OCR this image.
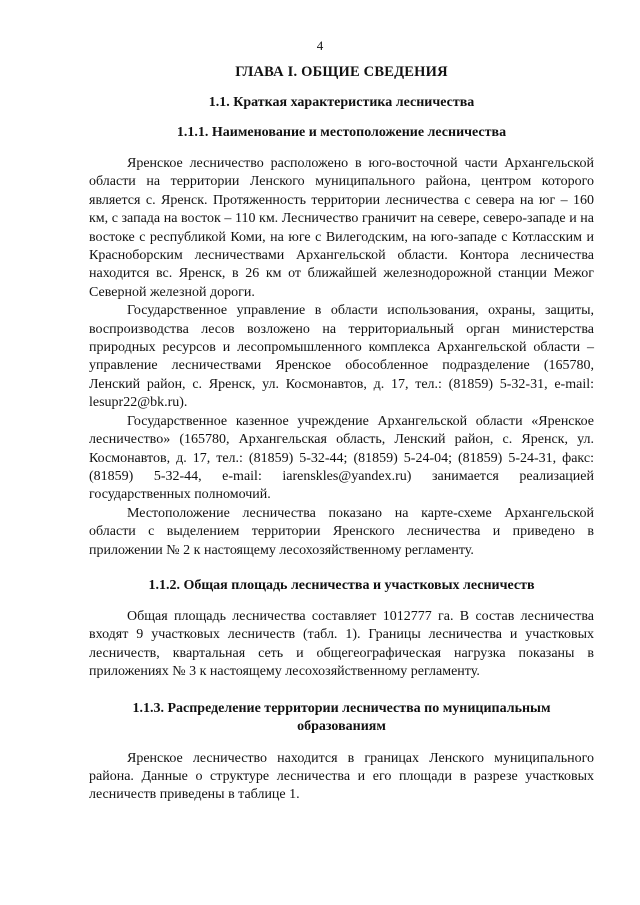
4
ГЛАВА I. ОБЩИЕ СВЕДЕНИЯ
1.1. Краткая характеристика лесничества
1.1.1. Наименование и местоположение лесничества

Яренское лесничество расположено в юго-восточной части Архангельской области на территории Ленского муниципального района, центром которого является с. Яренск. Протяженность территории лесничества с севера на юг – 160 км, с запада на восток – 110 км. Лесничество граничит на севере, северо-западе и на востоке с республикой Коми, на юге с Вилегодским, на юго-западе с Котласским и Красноборским лесничествами Архангельской области. Контора лесничества находится вс. Яренск, в 26 км от ближайшей железнодорожной станции Межог Северной железной дороги.

Государственное управление в области использования, охраны, защиты, воспроизводства лесов возложено на территориальный орган министерства природных ресурсов и лесопромышленного комплекса Архангельской области – управление лесничествами Яренское обособленное подразделение (165780, Ленский район, с. Яренск, ул. Космонавтов, д. 17, тел.: (81859) 5-32-31, e-mail: lesupr22@bk.ru).

Государственное казенное учреждение Архангельской области «Яренское лесничество» (165780, Архангельская область, Ленский район, с. Яренск, ул. Космонавтов, д. 17, тел.: (81859) 5-32-44; (81859) 5-24-04; (81859) 5-24-31, факс: (81859) 5-32-44, e-mail: iarenskles@yandex.ru) занимается реализацией государственных полномочий.

Местоположение лесничества показано на карте-схеме Архангельской области с выделением территории Яренского лесничества и приведено в приложении № 2 к настоящему лесохозяйственному регламенту.

1.1.2. Общая площадь лесничества и участковых лесничеств

Общая площадь лесничества составляет 1012777 га. В состав лесничества входят 9 участковых лесничеств (табл. 1). Границы лесничества и участковых лесничеств, квартальная сеть и общегеографическая нагрузка показаны в приложениях № 3 к настоящему лесохозяйственному регламенту.

1.1.3. Распределение территории лесничества по муниципальным образованиям

Яренское лесничество находится в границах Ленского муниципального района. Данные о структуре лесничества и его площади в разрезе участковых лесничеств приведены в таблице 1.
